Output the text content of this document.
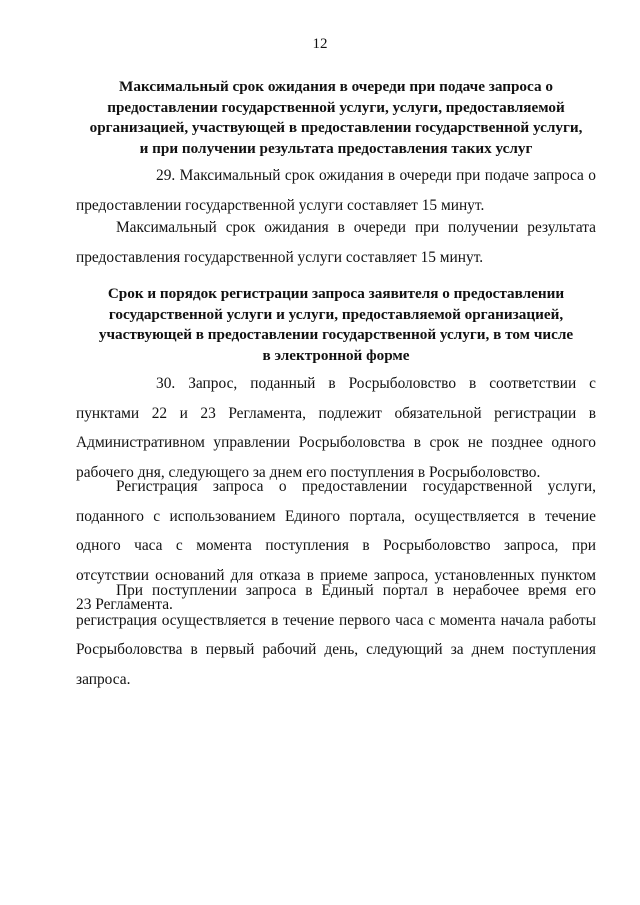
12
Максимальный срок ожидания в очереди при подаче запроса о
предоставлении государственной услуги, услуги, предоставляемой
организацией, участвующей в предоставлении государственной услуги,
и при получении результата предоставления таких услуг

29. Максимальный срок ожидания в очереди при подаче запроса о предоставлении государственной услуги составляет 15 минут.

Максимальный срок ожидания в очереди при получении результата предоставления государственной услуги составляет 15 минут.

Срок и порядок регистрации запроса заявителя о предоставлении
государственной услуги и услуги, предоставляемой организацией,
участвующей в предоставлении государственной услуги, в том числе
в электронной форме

30. Запрос, поданный в Росрыболовство в соответствии с пунктами 22 и 23 Регламента, подлежит обязательной регистрации в Административном управлении Росрыболовства в срок не позднее одного рабочего дня, следующего за днем его поступления в Росрыболовство.

Регистрация запроса о предоставлении государственной услуги, поданного с использованием Единого портала, осуществляется в течение одного часа с момента поступления в Росрыболовство запроса, при отсутствии оснований для отказа в приеме запроса, установленных пунктом 23 Регламента.

При поступлении запроса в Единый портал в нерабочее время его регистрация осуществляется в течение первого часа с момента начала работы Росрыболовства в первый рабочий день, следующий за днем поступления запроса.
